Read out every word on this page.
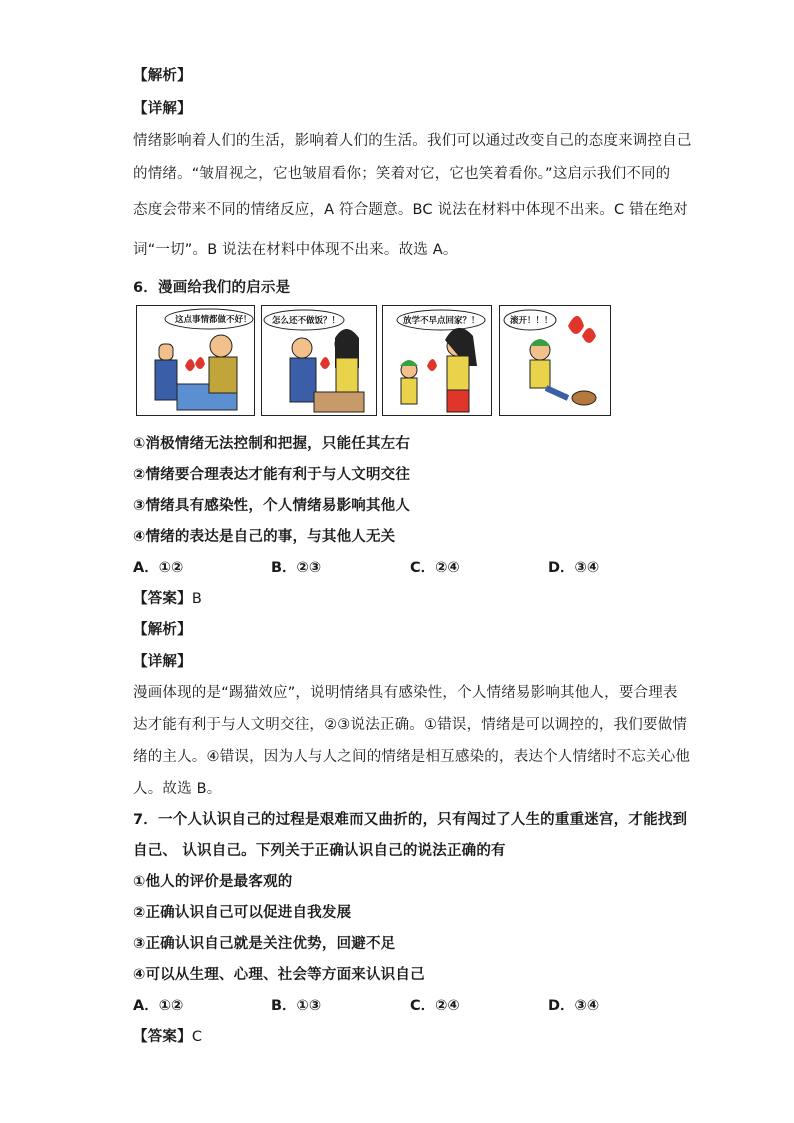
【解析】
【详解】
情绪影响着人们的生活，影响着人们的生活。我们可以通过改变自己的态度来调控自己
的情绪。“皱眉视之，它也皱眉看你；笑着对它，它也笑着看你。”这启示我们不同的
态度会带来不同的情绪反应，A 符合题意。BC 说法在材料中体现不出来。C 错在绝对
词“一切”。B 说法在材料中体现不出来。故选 A。
6．漫画给我们的启示是
这点事情都做不好！ 怎么还不做饭？！	放学不早点回家？！	滚开！！！
①消极情绪无法控制和把握，只能任其左右
②情绪要合理表达才能有利于与人文明交往
③情绪具有感染性，个人情绪易影响其他人
④情绪的表达是自己的事，与其他人无关
A．①②	B．②③	C．②④	D．③④
【答案】B
【解析】
【详解】
漫画体现的是“踢猫效应”，说明情绪具有感染性，个人情绪易影响其他人，要合理表
达才能有利于与人文明交往，②③说法正确。①错误，情绪是可以调控的，我们要做情
绪的主人。④错误，因为人与人之间的情绪是相互感染的，表达个人情绪时不忘关心他
人。故选 B。
7．一个人认识自己的过程是艰难而又曲折的，只有闯过了人生的重重迷宫，才能找到
自己、 认识自己。下列关于正确认识自己的说法正确的有
①他人的评价是最客观的
②正确认识自己可以促进自我发展
③正确认识自己就是关注优势，回避不足
④可以从生理、心理、社会等方面来认识自己
A．①②	B．①③	C．②④	D．③④
【答案】C
